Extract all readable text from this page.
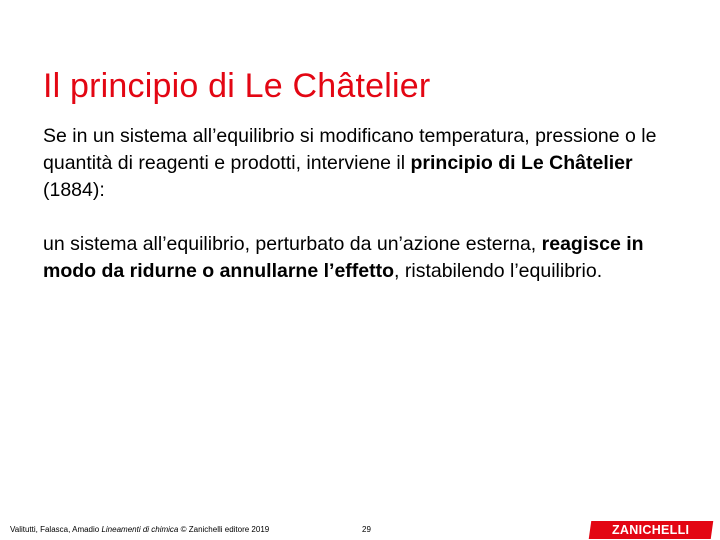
Il principio di Le Châtelier
Se in un sistema all’equilibrio si modificano temperatura, pressione o le quantità di reagenti e prodotti, interviene il principio di Le Châtelier (1884):
un sistema all’equilibrio, perturbato da un’azione esterna, reagisce in modo da ridurne o annullarne l’effetto, ristabilendo l’equilibrio.
Valitutti, Falasca, Amadio Lineamenti di chimica © Zanichelli editore 2019	29	ZANICHELLI
